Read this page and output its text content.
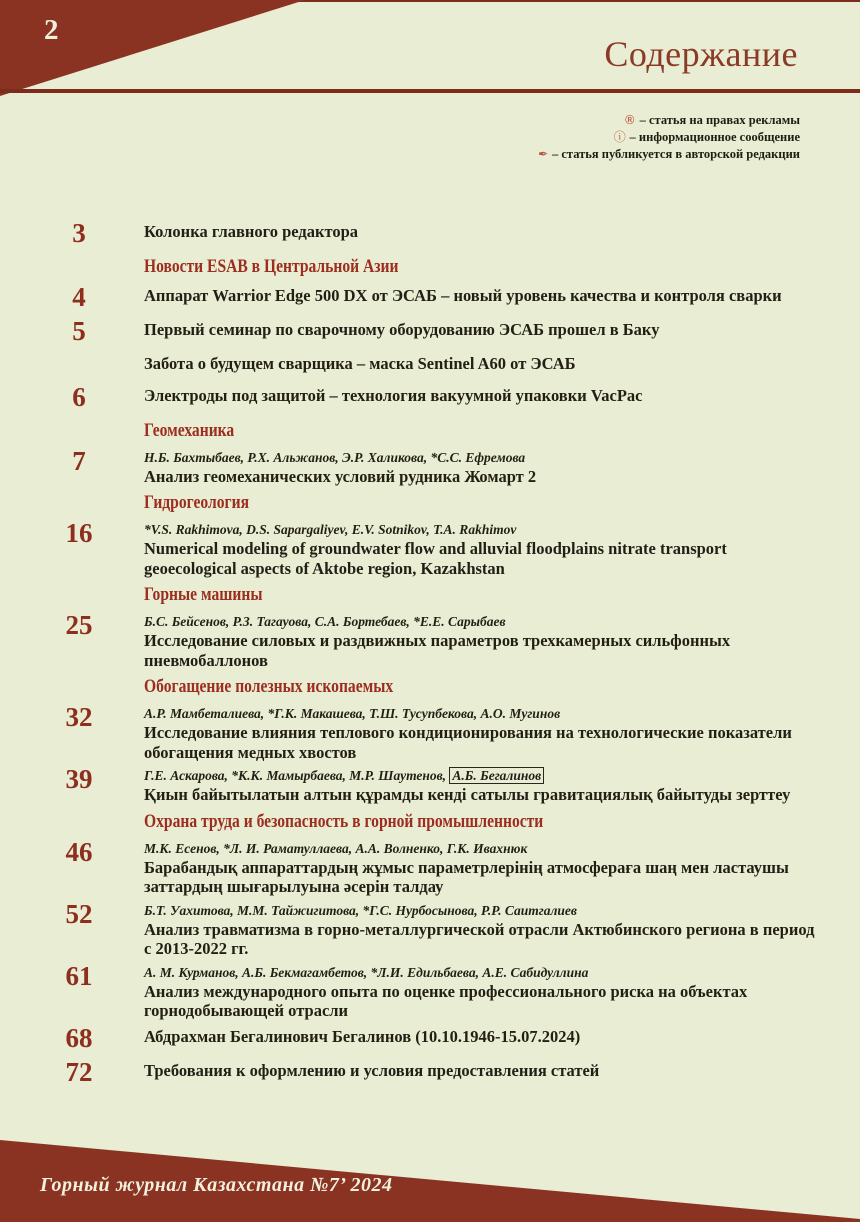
2
Содержание
® – статья на правах рекламы
ⓘ – информационное сообщение
✒ – статья публикуется в авторской редакции
3	Колонка главного редактора
Новости ESAB в Центральной Азии
4	Аппарат Warrior Edge 500 DX от ЭСАБ – новый уровень качества и контроля сварки
5	Первый семинар по сварочному оборудованию ЭСАБ прошел в Баку
Забота о будущем сварщика – маска Sentinel A60 от ЭСАБ
6	Электроды под защитой – технология вакуумной упаковки VacPac
Геомеханика
7	Н.Б. Бахтыбаев, Р.Х. Альжанов, Э.Р. Халикова, *С.С. Ефремова
Анализ геомеханических условий рудника Жомарт 2
Гидрогеология
16	*V.S. Rakhimova, D.S. Sapargaliyev, E.V. Sotnikov, T.A. Rakhimov
Numerical modeling of groundwater flow and alluvial floodplains nitrate transport geoecological aspects of Aktobe region, Kazakhstan
Горные машины
25	Б.С. Бейсенов, Р.З. Тагауова, С.А. Бортебаев, *Е.Е. Сарыбаев
Исследование силовых и раздвижных параметров трехкамерных сильфонных пневмобаллонов
Обогащение полезных ископаемых
32	А.Р. Мамбеталиева, *Г.К. Макашева, Т.Ш. Тусупбекова, А.О. Мугинов
Исследование влияния теплового кондиционирования на технологические показатели обогащения медных хвостов
39	Г.Е. Аскарова, *К.К. Мамырбаева, М.Р. Шаутенов, А.Б. Бегалинов
Қиын байытылатын алтын құрамды кенді сатылы гравитациялық байытуды зерттеу
Охрана труда и безопасность в горной промышленности
46	М.К. Есенов, *Л. И. Раматуллаева, А.А. Волненко, Г.К. Ивахнюк
Барабандық аппараттардың жұмыс параметрлерінің атмосфераға шаң мен ластаушы заттардың шығарылуына әсерін талдау
52	Б.Т. Уахитова, М.М. Тайжигитова, *Г.С. Нурбосынова, Р.Р. Саитгалиев
Анализ травматизма в горно-металлургической отрасли Актюбинского региона в период с 2013-2022 гг.
61	А. М. Курманов, А.Б. Бекмагамбетов, *Л.И. Едильбаева, А.Е. Сабидуллина
Анализ международного опыта по оценке профессионального риска на объектах горнодобывающей отрасли
68	Абдрахман Бегалинович Бегалинов (10.10.1946-15.07.2024)
72	Требования к оформлению и условия предоставления статей
Горный журнал Казахстана №7’ 2024
